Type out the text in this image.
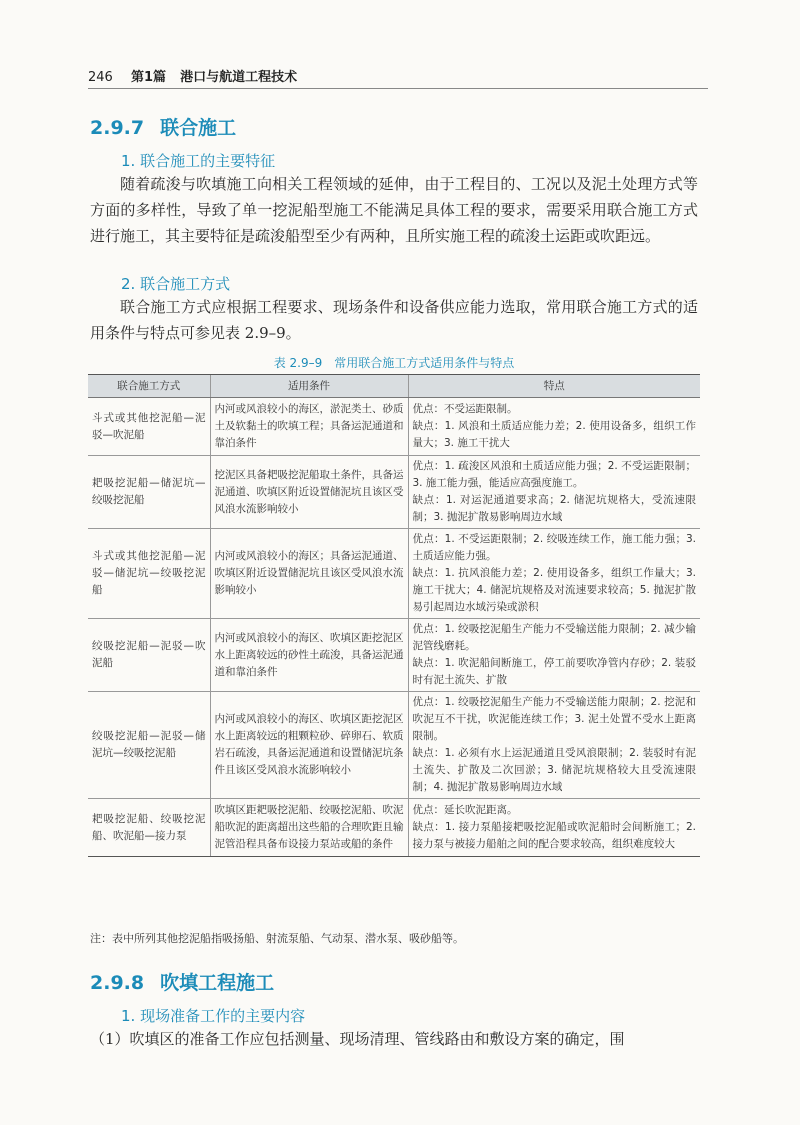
246 第1篇 港口与航道工程技术
2.9.7 联合施工
1. 联合施工的主要特征

随着疏浚与吹填施工向相关工程领域的延伸，由于工程目的、工况以及泥土处理方式等方面的多样性，导致了单一挖泥船型施工不能满足具体工程的要求，需要采用联合施工方式进行施工，其主要特征是疏浚船型至少有两种，且所实施工程的疏浚土运距或吹距远。

2. 联合施工方式

联合施工方式应根据工程要求、现场条件和设备供应能力选取，常用联合施工方式的适用条件与特点可参见表 2.9–9。

表 2.9–9　常用联合施工方式适用条件与特点
联合施工方式	适用条件	特点
斗式或其他挖泥船—泥驳—吹泥船	内河或风浪较小的海区，淤泥类土、砂质土及软黏土的吹填工程；具备运泥通道和靠泊条件	优点：不受运距限制。
缺点：1. 风浪和土质适应能力差；2. 使用设备多，组织工作量大；3. 施工干扰大

耙吸挖泥船—储泥坑—绞吸挖泥船	挖泥区具备耙吸挖泥船取土条件，具备运泥通道、吹填区附近设置储泥坑且该区受风浪水流影响较小	优点：1. 疏浚区风浪和土质适应能力强；2. 不受运距限制；3. 施工能力强，能适应高强度施工。
缺点：1. 对运泥通道要求高；2. 储泥坑规格大，受流速限制；3. 抛泥扩散易影响周边水域

斗式或其他挖泥船—泥驳—储泥坑—绞吸挖泥船	内河或风浪较小的海区；具备运泥通道、吹填区附近设置储泥坑且该区受风浪水流影响较小	优点：1. 不受运距限制；2. 绞吸连续工作，施工能力强；3. 土质适应能力强。
缺点：1. 抗风浪能力差；2. 使用设备多，组织工作量大；3. 施工干扰大；4. 储泥坑规格及对流速要求较高；5. 抛泥扩散易引起周边水域污染或淤积

绞吸挖泥船—泥驳—吹泥船	内河或风浪较小的海区、吹填区距挖泥区水上距离较远的砂性土疏浚，具备运泥通道和靠泊条件	优点：1. 绞吸挖泥船生产能力不受输送能力限制；2. 减少输泥管线磨耗。
缺点：1. 吹泥船间断施工，停工前要吹净管内存砂；2. 装驳时有泥土流失、扩散

绞吸挖泥船—泥驳—储泥坑—绞吸挖泥船	内河或风浪较小的海区、吹填区距挖泥区水上距离较远的粗颗粒砂、碎卵石、软质岩石疏浚，具备运泥通道和设置储泥坑条件且该区受风浪水流影响较小	优点：1. 绞吸挖泥船生产能力不受输送能力限制；2. 挖泥和吹泥互不干扰，吹泥能连续工作；3. 泥土处置不受水上距离限制。
缺点：1. 必须有水上运泥通道且受风浪限制；2. 装驳时有泥土流失、扩散及二次回淤；3. 储泥坑规格较大且受流速限制；4. 抛泥扩散易影响周边水域

耙吸挖泥船、绞吸挖泥船、吹泥船—接力泵	吹填区距耙吸挖泥船、绞吸挖泥船、吹泥船吹泥的距离超出这些船的合理吹距且输泥管沿程具备布设接力泵站或船的条件	优点：延长吹泥距离。
缺点：1. 接力泵船接耙吸挖泥船或吹泥船时会间断施工；2. 接力泵与被接力船舶之间的配合要求较高，组织难度较大
注：表中所列其他挖泥船指吸扬船、射流泵船、气动泵、潜水泵、吸砂船等。
2.9.8 吹填工程施工
1. 现场准备工作的主要内容

（1）吹填区的准备工作应包括测量、现场清理、管线路由和敷设方案的确定，围
